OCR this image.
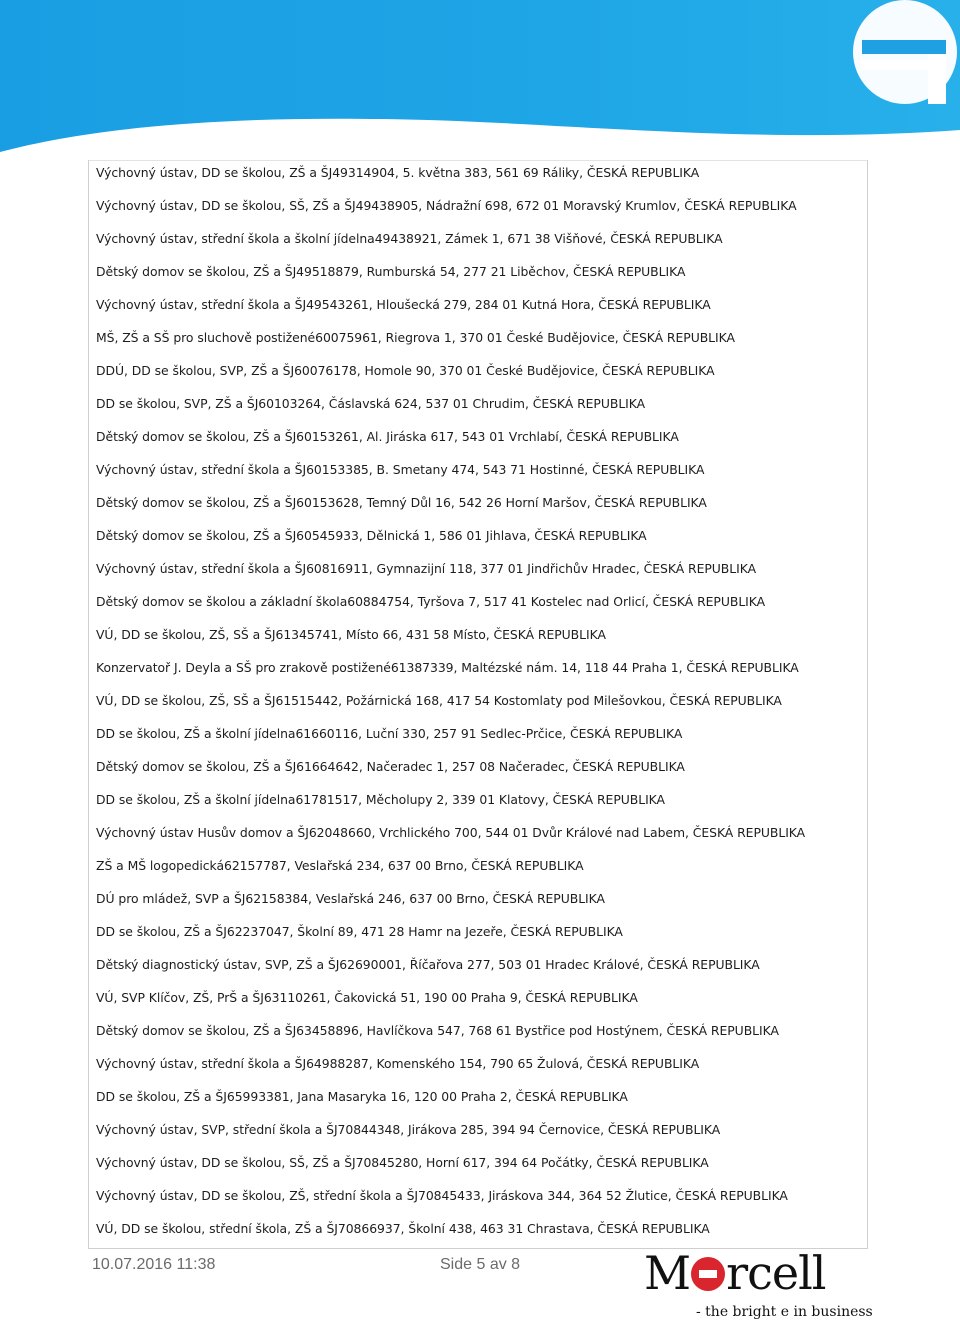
Výchovný ústav, DD se školou, ZŠ a ŠJ49314904, 5. května 383, 561 69 Ráliky, ČESKÁ REPUBLIKA
Výchovný ústav, DD se školou, SŠ, ZŠ a ŠJ49438905, Nádražní 698, 672 01 Moravský Krumlov, ČESKÁ REPUBLIKA
Výchovný ústav, střední škola a školní jídelna49438921, Zámek 1, 671 38 Višňové, ČESKÁ REPUBLIKA
Dětský domov se školou, ZŠ a ŠJ49518879, Rumburská 54, 277 21 Liběchov, ČESKÁ REPUBLIKA
Výchovný ústav, střední škola a ŠJ49543261, Hloušecká 279, 284 01 Kutná Hora, ČESKÁ REPUBLIKA
MŠ, ZŠ a SŠ pro sluchově postižené60075961, Riegrova 1, 370 01 České Budějovice, ČESKÁ REPUBLIKA
DDÚ, DD se školou, SVP, ZŠ a ŠJ60076178, Homole 90, 370 01 České Budějovice, ČESKÁ REPUBLIKA
DD se školou, SVP, ZŠ a ŠJ60103264, Čáslavská 624, 537 01 Chrudim, ČESKÁ REPUBLIKA
Dětský domov se školou, ZŠ a ŠJ60153261, Al. Jiráska 617, 543 01 Vrchlabí, ČESKÁ REPUBLIKA
Výchovný ústav, střední škola a ŠJ60153385, B. Smetany 474, 543 71 Hostinné, ČESKÁ REPUBLIKA
Dětský domov se školou, ZŠ a ŠJ60153628, Temný Důl 16, 542 26 Horní Maršov, ČESKÁ REPUBLIKA
Dětský domov se školou, ZŠ a ŠJ60545933, Dělnická 1, 586 01 Jihlava, ČESKÁ REPUBLIKA
Výchovný ústav, střední škola a ŠJ60816911, Gymnazijní 118, 377 01 Jindřichův Hradec, ČESKÁ REPUBLIKA
Dětský domov se školou a základní škola60884754, Tyršova 7, 517 41 Kostelec nad Orlicí, ČESKÁ REPUBLIKA
VÚ, DD se školou, ZŠ, SŠ a ŠJ61345741, Místo 66, 431 58 Místo, ČESKÁ REPUBLIKA
Konzervatoř J. Deyla a SŠ pro zrakově postižené61387339, Maltézské nám. 14, 118 44 Praha 1, ČESKÁ REPUBLIKA
VÚ, DD se školou, ZŠ, SŠ a ŠJ61515442, Požárnická 168, 417 54 Kostomlaty pod Milešovkou, ČESKÁ REPUBLIKA
DD se školou, ZŠ a školní jídelna61660116, Luční 330, 257 91 Sedlec-Prčice, ČESKÁ REPUBLIKA
Dětský domov se školou, ZŠ a ŠJ61664642, Načeradec 1, 257 08 Načeradec, ČESKÁ REPUBLIKA
DD se školou, ZŠ a školní jídelna61781517, Měcholupy 2, 339 01 Klatovy, ČESKÁ REPUBLIKA
Výchovný ústav Husův domov a ŠJ62048660, Vrchlického 700, 544 01 Dvůr Králové nad Labem, ČESKÁ REPUBLIKA
ZŠ a MŠ logopedická62157787, Veslařská 234, 637 00 Brno, ČESKÁ REPUBLIKA
DÚ pro mládež, SVP a ŠJ62158384, Veslařská 246, 637 00 Brno, ČESKÁ REPUBLIKA
DD se školou, ZŠ a ŠJ62237047, Školní 89, 471 28 Hamr na Jezeře, ČESKÁ REPUBLIKA
Dětský diagnostický ústav, SVP, ZŠ a ŠJ62690001, Říčařova 277, 503 01 Hradec Králové, ČESKÁ REPUBLIKA
VÚ, SVP Klíčov, ZŠ, PrŠ a ŠJ63110261, Čakovická 51, 190 00 Praha 9, ČESKÁ REPUBLIKA
Dětský domov se školou, ZŠ a ŠJ63458896, Havlíčkova 547, 768 61 Bystřice pod Hostýnem, ČESKÁ REPUBLIKA
Výchovný ústav, střední škola a ŠJ64988287, Komenského 154, 790 65 Žulová, ČESKÁ REPUBLIKA
DD se školou, ZŠ a ŠJ65993381, Jana Masaryka 16, 120 00 Praha 2, ČESKÁ REPUBLIKA
Výchovný ústav, SVP, střední škola a ŠJ70844348, Jirákova 285, 394 94 Černovice, ČESKÁ REPUBLIKA
Výchovný ústav, DD se školou, SŠ, ZŠ a ŠJ70845280, Horní 617, 394 64 Počátky, ČESKÁ REPUBLIKA
Výchovný ústav, DD se školou, ZŠ, střední škola a ŠJ70845433, Jiráskova 344, 364 52 Žlutice, ČESKÁ REPUBLIKA
VÚ, DD se školou, střední škola, ZŠ a ŠJ70866937, Školní 438, 463 31 Chrastava, ČESKÁ REPUBLIKA
10.07.2016 11:38	Side 5 av 8	M rcell
- the bright e in business
